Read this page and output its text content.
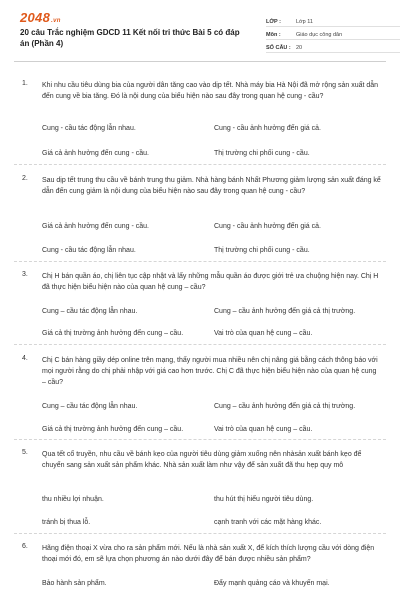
2048.vn
20 câu Trắc nghiệm GDCD 11 Kết nối tri thức Bài 5 có đáp án (Phần 4)
LỚP :	Lớp 11
Môn :	Giáo dục công dân
SỐ CÂU : 20
1. Khi nhu cầu tiêu dùng bia của người dân tăng cao vào dịp tết. Nhà máy bia Hà Nội đã mở rộng sản xuất dẫn đến cung về bia tăng. Đó là nội dung của biểu hiện nào sau đây trong quan hệ cung - cầu?
Cung - cầu tác động lẫn nhau.	Cung - cầu ảnh hưởng đến giá cả.
Giá cả ảnh hưởng đến cung - cầu.	Thị trường chi phối cung - cầu.
2. Sau dịp tết trung thu cầu về bánh trung thu giảm. Nhà hàng bánh Nhất Phương giảm lượng sản xuất đáng kể dẫn đến cung giảm là nội dung của biểu hiện nào sau đây trong quan hệ cung - cầu?
Giá cả ảnh hưởng đến cung - cầu.	Cung - cầu ảnh hưởng đến giá cả.
Cung - cầu tác động lẫn nhau.	Thị trường chi phối cung - cầu.
3. Chị H bán quần áo, chị liên tục cập nhật và lấy những mẫu quần áo được giới trẻ ưa chuộng hiện nay. Chị H đã thực hiện biểu hiện nào của quan hệ cung – cầu?
Cung – cầu tác động lẫn nhau.	Cung – cầu ảnh hưởng đến giá cả thị trường.
Giá cả thị trường ảnh hưởng đến cung – cầu.	Vai trò của quan hệ cung – cầu.
4. Chị C bán hàng giầy dép online trên mạng, thấy người mua nhiều nên chị nâng giá bằng cách thông báo với mọi người rằng do chị phải nhập với giá cao hơn trước. Chị C đã thực hiện biểu hiện nào của quan hệ cung – cầu?
Cung – cầu tác động lẫn nhau.	Cung – cầu ảnh hưởng đến giá cả thị trường.
Giá cả thị trường ảnh hưởng đến cung – cầu.	Vai trò của quan hệ cung – cầu.
5. Qua tết cổ truyền, nhu cầu về bánh kẹo của người tiêu dùng giảm xuống nên nhàsản xuất bánh kẹo để chuyển sang sản xuất sản phẩm khác. Nhà sản xuất làm như vậy để sản xuất đã thu hẹp quy mô
thu nhiều lợi nhuận.	thu hút thị hiếu người tiêu dùng.
tránh bị thua lỗ.	cạnh tranh với các mặt hàng khác.
6. Hãng điện thoại X vừa cho ra sản phẩm mới. Nếu là nhà sản xuất X, để kích thích lượng cầu với dòng điện thoại mới đó, em sẽ lựa chọn phương án nào dưới đây để bán được nhiều sản phẩm?
Bảo hành sản phẩm.	Đẩy mạnh quảng cáo và khuyến mại.
